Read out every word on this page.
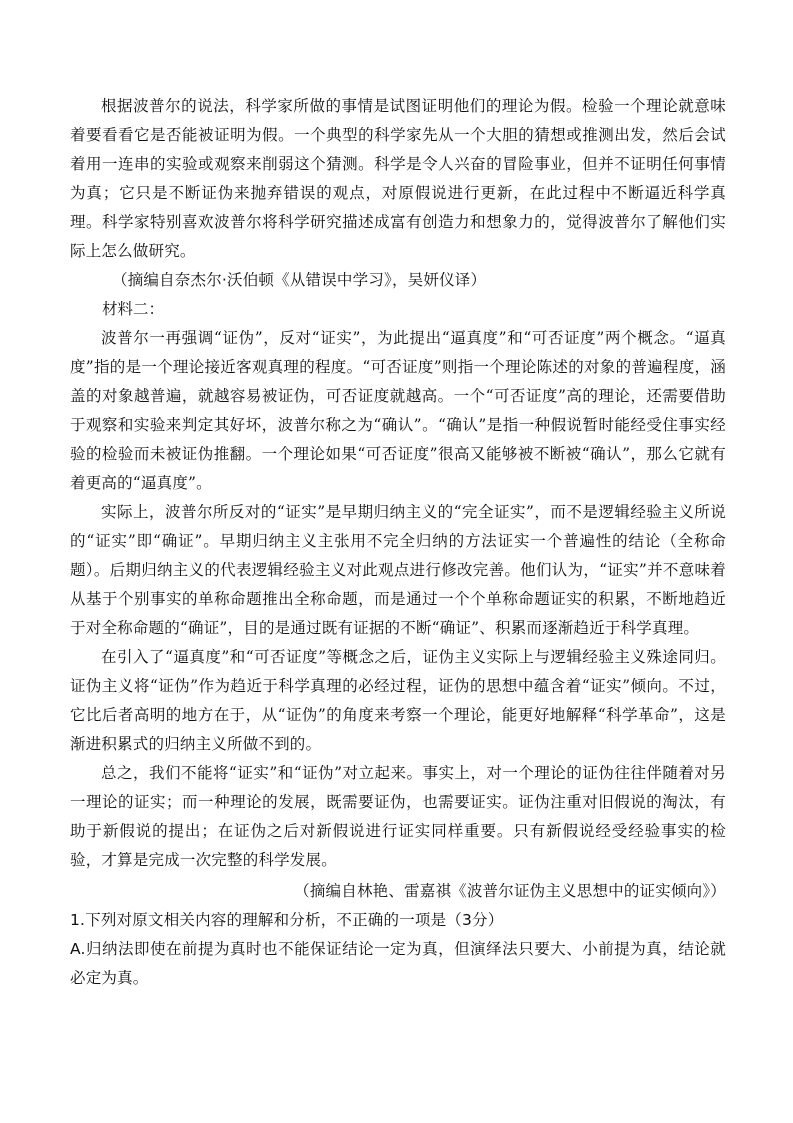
根据波普尔的说法，科学家所做的事情是试图证明他们的理论为假。检验一个理论就意味着要看看它是否能被证明为假。一个典型的科学家先从一个大胆的猜想或推测出发，然后会试着用一连串的实验或观察来削弱这个猜测。科学是令人兴奋的冒险事业，但并不证明任何事情为真；它只是不断证伪来抛弃错误的观点，对原假说进行更新，在此过程中不断逼近科学真理。科学家特别喜欢波普尔将科学研究描述成富有创造力和想象力的，觉得波普尔了解他们实际上怎么做研究。

（摘编自奈杰尔·沃伯顿《从错误中学习》，吴妍仪译）

材料二：

波普尔一再强调“证伪”，反对“证实”，为此提出“逼真度”和“可否证度”两个概念。“逼真度”指的是一个理论接近客观真理的程度。“可否证度”则指一个理论陈述的对象的普遍程度，涵盖的对象越普遍，就越容易被证伪，可否证度就越高。一个“可否证度”高的理论，还需要借助于观察和实验来判定其好坏，波普尔称之为“确认”。“确认”是指一种假说暂时能经受住事实经验的检验而未被证伪推翻。一个理论如果“可否证度”很高又能够被不断被“确认”，那么它就有着更高的“逼真度”。

实际上，波普尔所反对的“证实”是早期归纳主义的“完全证实”，而不是逻辑经验主义所说的“证实”即“确证”。早期归纳主义主张用不完全归纳的方法证实一个普遍性的结论（全称命题）。后期归纳主义的代表逻辑经验主义对此观点进行修改完善。他们认为，“证实”并不意味着从基于个别事实的单称命题推出全称命题，而是通过一个个单称命题证实的积累，不断地趋近于对全称命题的“确证”，目的是通过既有证据的不断“确证”、积累而逐渐趋近于科学真理。

在引入了“逼真度”和“可否证度”等概念之后，证伪主义实际上与逻辑经验主义殊途同归。证伪主义将“证伪”作为趋近于科学真理的必经过程，证伪的思想中蕴含着“证实”倾向。不过，它比后者高明的地方在于，从“证伪”的角度来考察一个理论，能更好地解释“科学革命”，这是渐进积累式的归纳主义所做不到的。

总之，我们不能将“证实”和“证伪”对立起来。事实上，对一个理论的证伪往往伴随着对另一理论的证实；而一种理论的发展，既需要证伪，也需要证实。证伪注重对旧假说的淘汰，有助于新假说的提出；在证伪之后对新假说进行证实同样重要。只有新假说经受经验事实的检验，才算是完成一次完整的科学发展。

（摘编自林艳、雷嘉祺《波普尔证伪主义思想中的证实倾向》）

1.下列对原文相关内容的理解和分析，不正确的一项是（3分）

A.归纳法即使在前提为真时也不能保证结论一定为真，但演绎法只要大、小前提为真，结论就必定为真。
